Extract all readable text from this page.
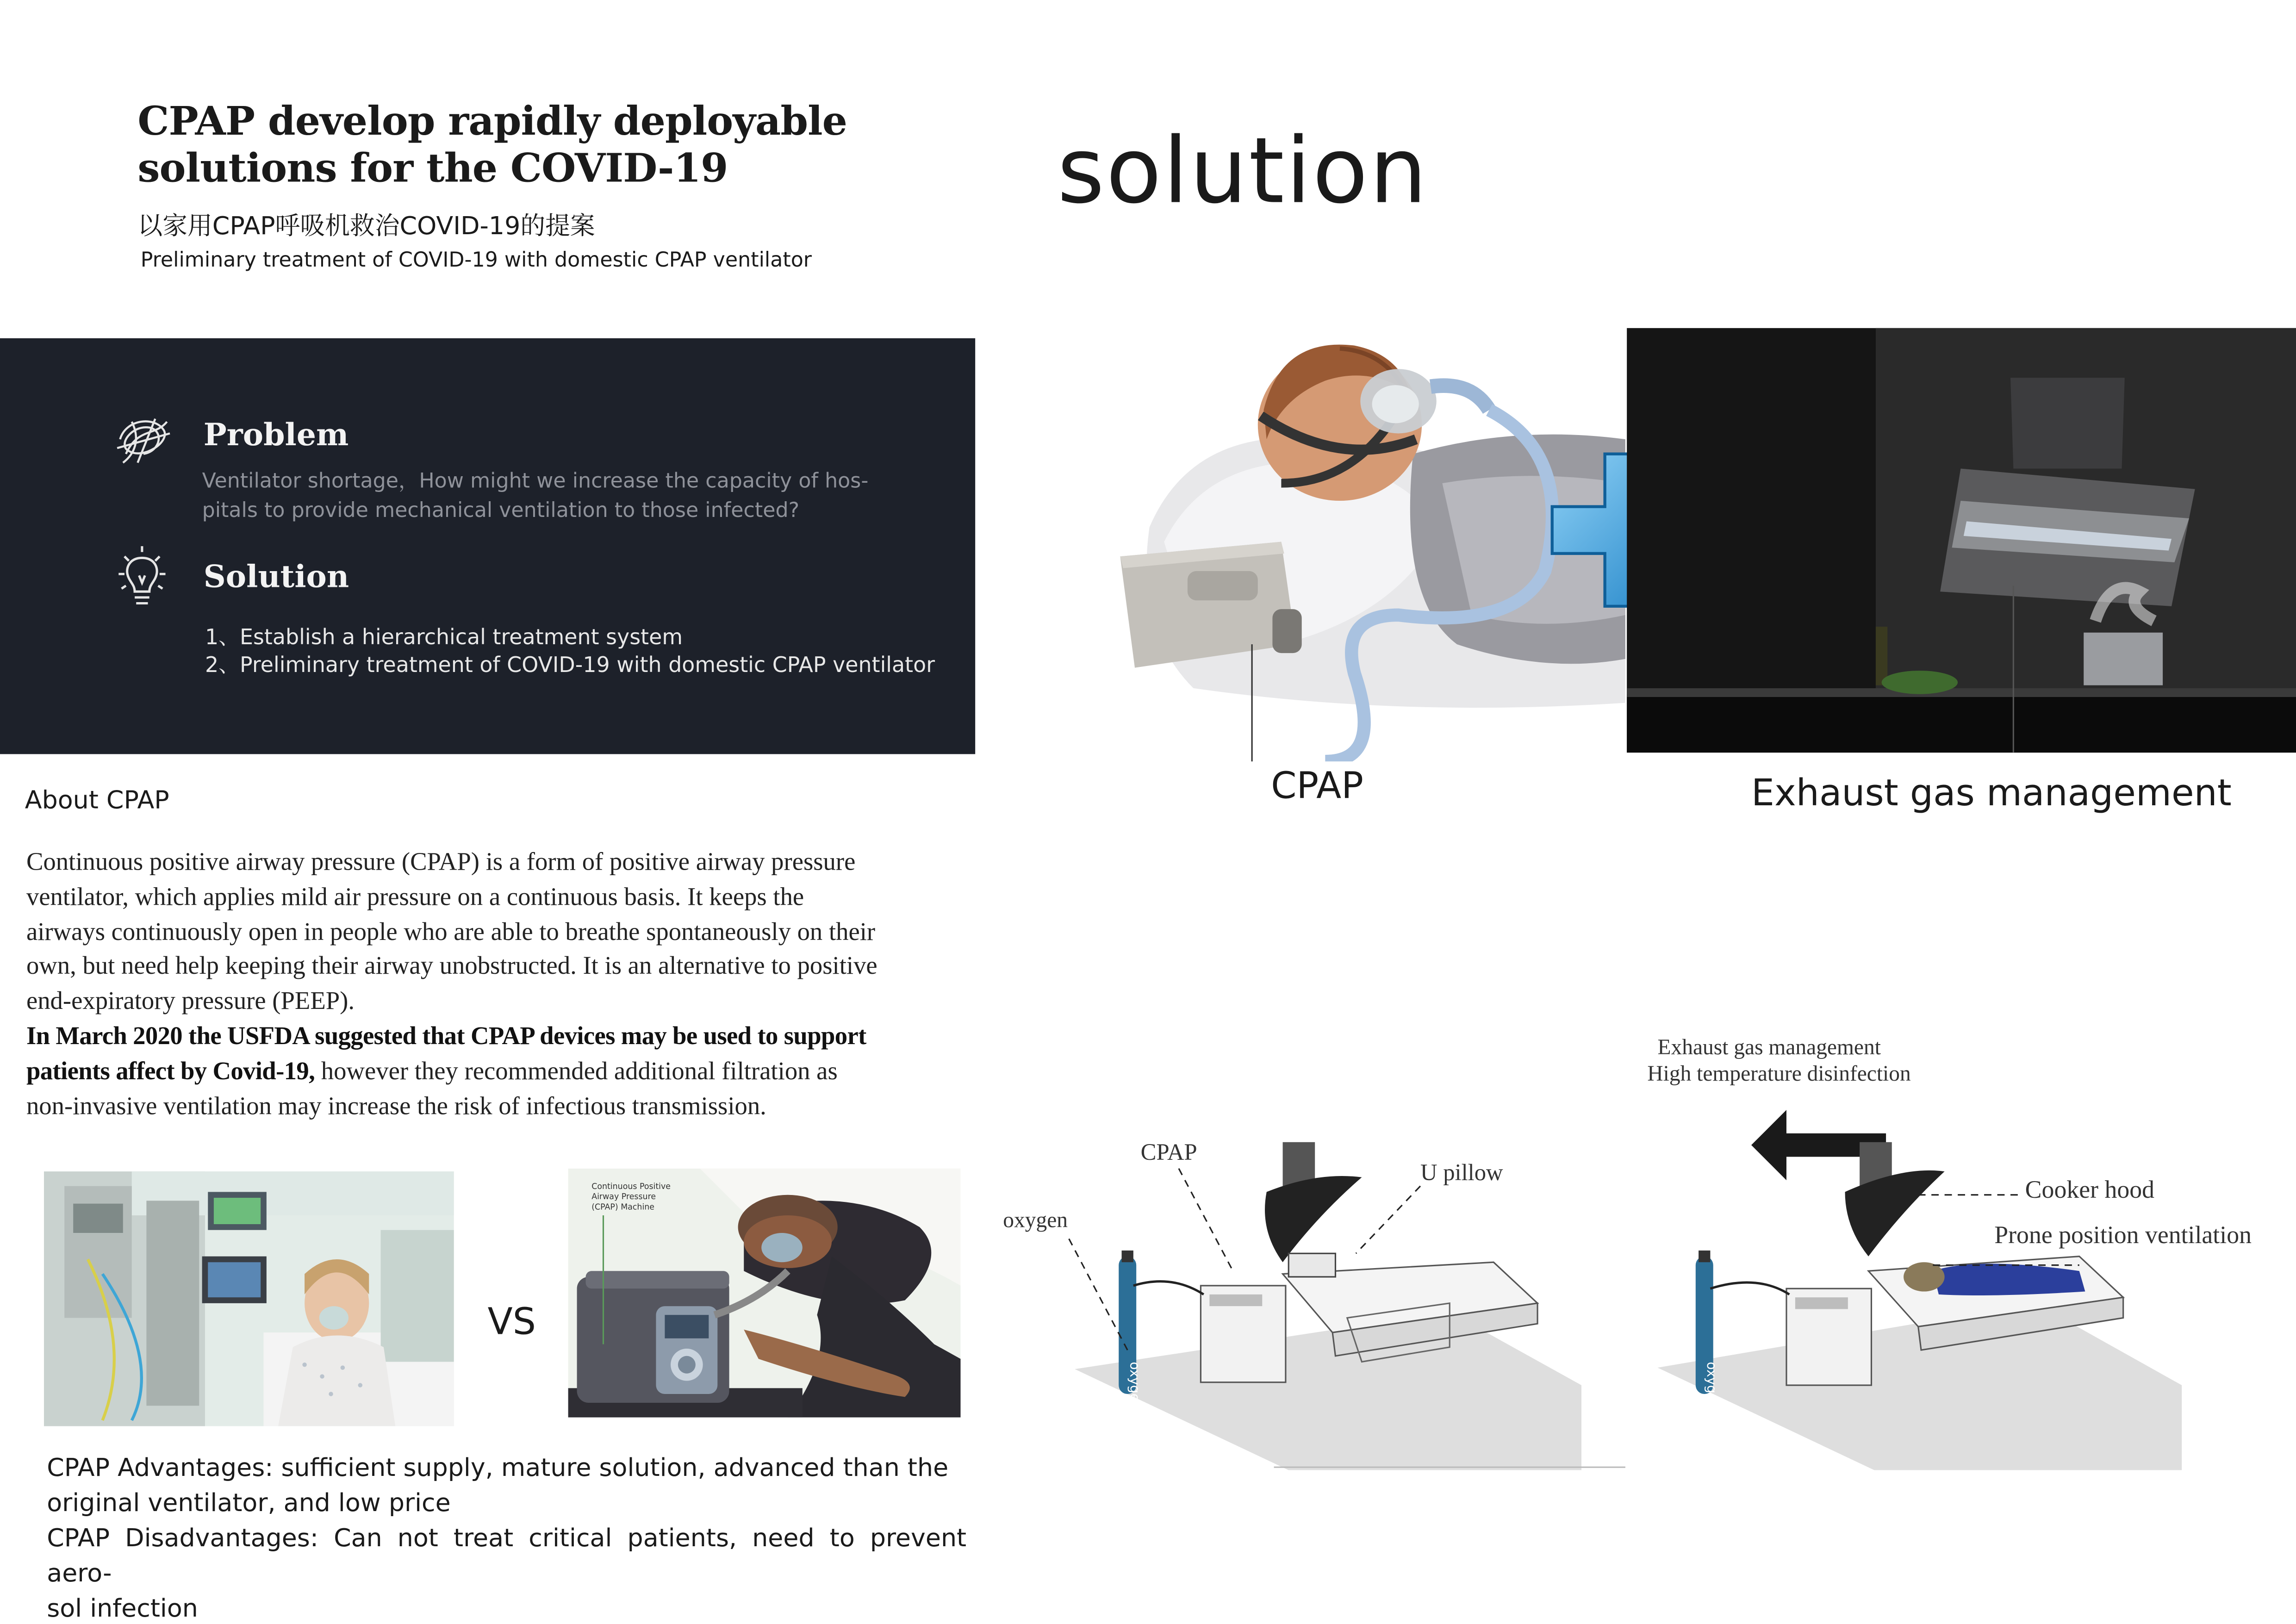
CPAP develop rapidly deployable
solutions for the COVID-19
以家用CPAP呼吸机救治COVID-19的提案
Preliminary treatment of COVID-19 with domestic CPAP ventilator
solution
Problem
Ventilator shortage，How might we increase the capacity of hos-
pitals to provide mechanical ventilation to those infected?
Solution
1、Establish a hierarchical treatment system
2、Preliminary treatment of COVID-19 with domestic CPAP ventilator
About CPAP
Continuous positive airway pressure (CPAP) is a form of positive airway pressure
ventilator, which applies mild air pressure on a continuous basis. It keeps the
airways continuously open in people who are able to breathe spontaneously on their
own, but need help keeping their airway unobstructed. It is an alternative to positive
end-expiratory pressure (PEEP).
In March 2020 the USFDA suggested that CPAP devices may be used to support
patients affect by Covid-19, however they recommended additional filtration as
non-invasive ventilation may increase the risk of infectious transmission.
VS
Continuous Positive
Airway Pressure
(CPAP) Machine
CPAP Advantages: sufficient supply, mature solution, advanced than the
original ventilator, and low price
CPAP Disadvantages: Can not treat critical patients, need to prevent aero-
sol infection
CPAP	Exhaust gas management
oxygen
CPAP
U pillow
oxygen
oxygen
Exhaust gas management
High temperature disinfection
Cooker hood
Prone position ventilation
